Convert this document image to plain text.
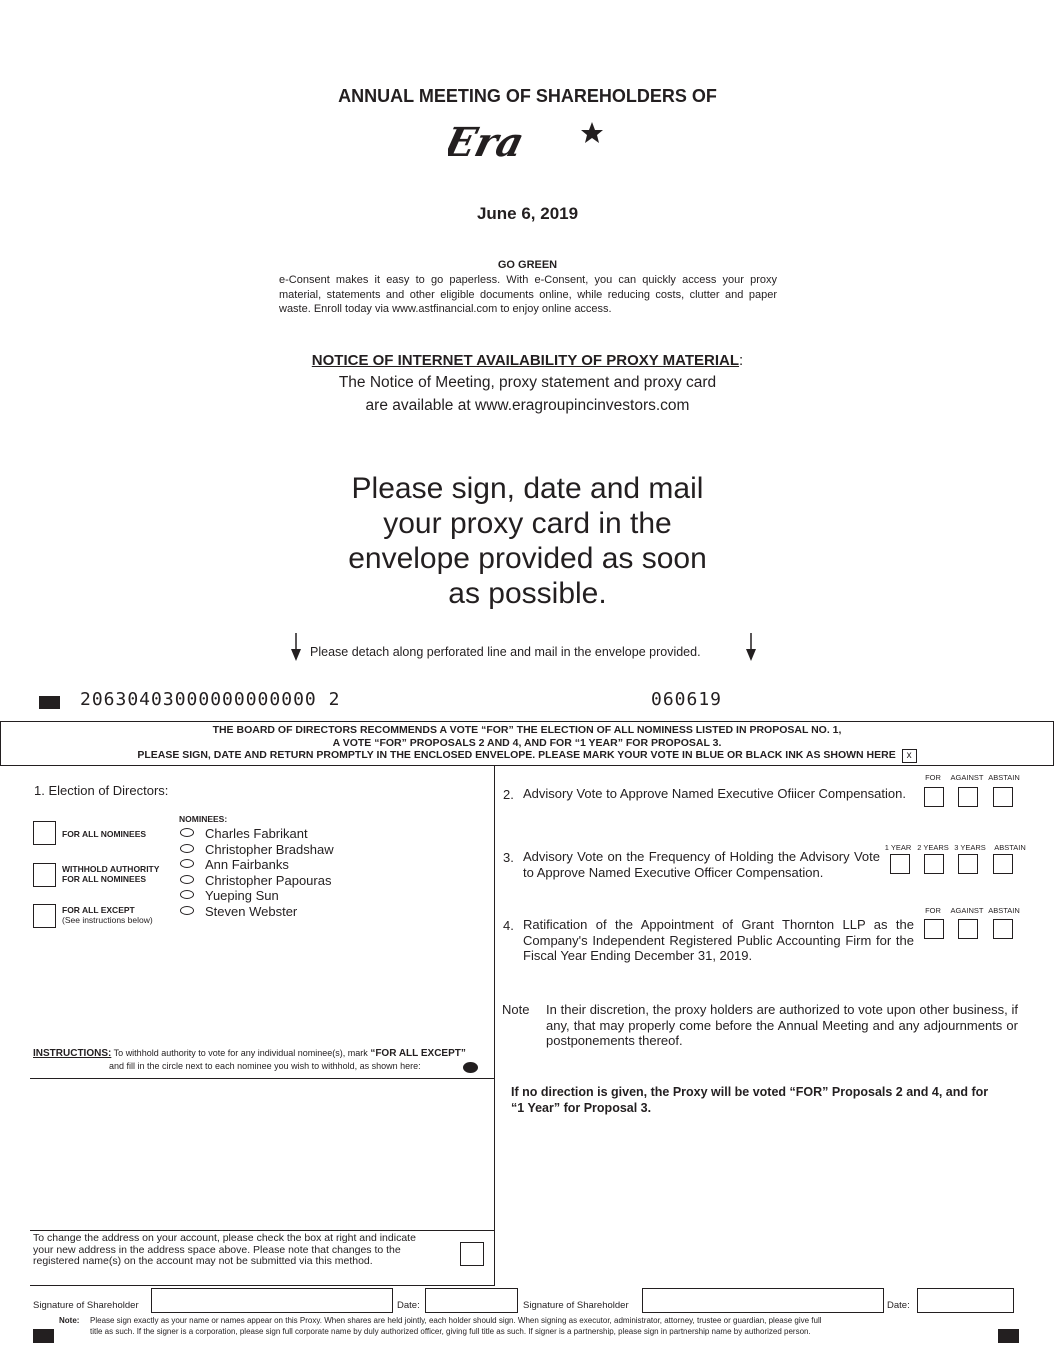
ANNUAL MEETING OF SHAREHOLDERS OF
Era
June 6, 2019
GO GREEN
e-Consent makes it easy to go paperless. With e-Consent, you can quickly access your proxy material, statements and other eligible documents online, while reducing costs, clutter and paper waste. Enroll today via www.astfinancial.com to enjoy online access.
NOTICE OF INTERNET AVAILABILITY OF PROXY MATERIAL:
The Notice of Meeting, proxy statement and proxy card
are available at www.eragroupincinvestors.com
Please sign, date and mail
your proxy card in the
envelope provided as soon
as possible.
Please detach along perforated line and mail in the envelope provided.
20630403000000000000 2	060619
THE BOARD OF DIRECTORS RECOMMENDS A VOTE “FOR” THE ELECTION OF ALL NOMINESS LISTED IN PROPOSAL NO. 1,
A VOTE “FOR” PROPOSALS 2 AND 4, AND FOR “1 YEAR” FOR PROPOSAL 3.
PLEASE SIGN, DATE AND RETURN PROMPTLY IN THE ENCLOSED ENVELOPE. PLEASE MARK YOUR VOTE IN BLUE OR BLACK INK AS SHOWN HERE x
1. Election of Directors:
FOR ALL NOMINEES
WITHHOLD AUTHORITY
FOR ALL NOMINEES
FOR ALL EXCEPT
(See instructions below)
NOMINEES:
Charles Fabrikant
Christopher Bradshaw
Ann Fairbanks
Christopher Papouras
Yueping Sun
Steven Webster
INSTRUCTIONS: To withhold authority to vote for any individual nominee(s), mark “FOR ALL EXCEPT”
and fill in the circle next to each nominee you wish to withhold, as shown here:
To change the address on your account, please check the box at right and indicate your new address in the address space above. Please note that changes to the registered name(s) on the account may not be submitted via this method.
FOR	AGAINST ABSTAIN
2. Advisory Vote to Approve Named Executive Ofiicer Compensation.
1 YEAR 2 YEARS 3 YEARS ABSTAIN
3. Advisory Vote on the Frequency of Holding the Advisory Vote to Approve Named Executive Officer Compensation.
FOR	AGAINST ABSTAIN
4. Ratification of the Appointment of Grant Thornton LLP as the Company's Independent Registered Public Accounting Firm for the Fiscal Year Ending December 31, 2019.
Note In their discretion, the proxy holders are authorized to vote upon other business, if any, that may properly come before the Annual Meeting and any adjournments or postponements thereof.
If no direction is given, the Proxy will be voted “FOR” Proposals 2 and 4, and for “1 Year” for Proposal 3.
Signature of Shareholder	Date:	Signature of Shareholder	Date:
Note: Please sign exactly as your name or names appear on this Proxy. When shares are held jointly, each holder should sign. When signing as executor, administrator, attorney, trustee or guardian, please give full
title as such. If the signer is a corporation, please sign full corporate name by duly authorized officer, giving full title as such. If signer is a partnership, please sign in partnership name by authorized person.
